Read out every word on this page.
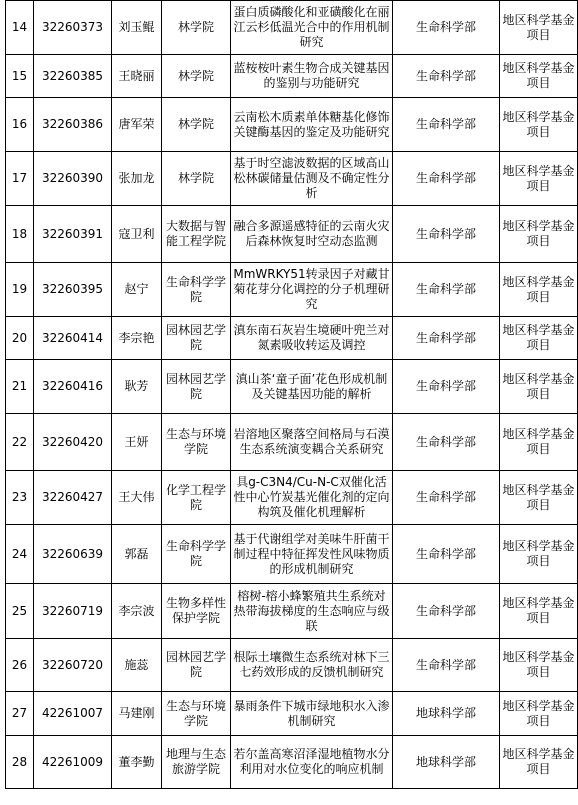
14	32260373	刘玉鲲	林学院	蛋白质磷酸化和亚磺酸化在丽江云杉低温光合中的作用机制研究	生命科学部	地区科学基金项目
15	32260385	王晓丽	林学院	蓝桉桉叶素生物合成关键基因的鉴别与功能研究	生命科学部	地区科学基金项目
16	32260386	唐军荣	林学院	云南松木质素单体糖基化修饰关键酶基因的鉴定及功能研究	生命科学部	地区科学基金项目
17	32260390	张加龙	林学院	基于时空滤波数据的区域高山松林碳储量估测及不确定性分析	生命科学部	地区科学基金项目
18	32260391	寇卫利	大数据与智能工程学院	融合多源遥感特征的云南火灾后森林恢复时空动态监测	生命科学部	地区科学基金项目
19	32260395	赵宁	生命科学学院	MmWRKY51转录因子对藏甘菊花芽分化调控的分子机理研究	生命科学部	地区科学基金项目
20	32260414	李宗艳	园林园艺学院	滇东南石灰岩生境硬叶兜兰对氮素吸收转运及调控	生命科学部	地区科学基金项目
21	32260416	耿芳	园林园艺学院	滇山茶‘童子面’花色形成机制及关键基因功能的解析	生命科学部	地区科学基金项目
22	32260420	王妍	生态与环境学院	岩溶地区聚落空间格局与石漠生态系统演变耦合关系研究	生命科学部	地区科学基金项目
23	32260427	王大伟	化学工程学院	具g-C3N4/Cu-N-C双催化活性中心竹炭基光催化剂的定向构筑及催化机理解析	生命科学部	地区科学基金项目
24	32260639	郭磊	生命科学学院	基于代谢组学对美味牛肝菌干制过程中特征挥发性风味物质的形成机制研究	生命科学部	地区科学基金项目
25	32260719	李宗波	生物多样性保护学院	榕树-榕小蜂繁殖共生系统对热带海拔梯度的生态响应与级联	生命科学部	地区科学基金项目
26	32260720	施蕊	园林园艺学院	根际土壤微生态系统对林下三七药效形成的反馈机制研究	生命科学部	地区科学基金项目
27	42261007	马建刚	生态与环境学院	暴雨条件下城市绿地积水入渗机制研究	地球科学部	地区科学基金项目
28	42261009	董李勤	地理与生态旅游学院	若尔盖高寒沼泽湿地植物水分利用对水位变化的响应机制	地球科学部	地区科学基金项目
